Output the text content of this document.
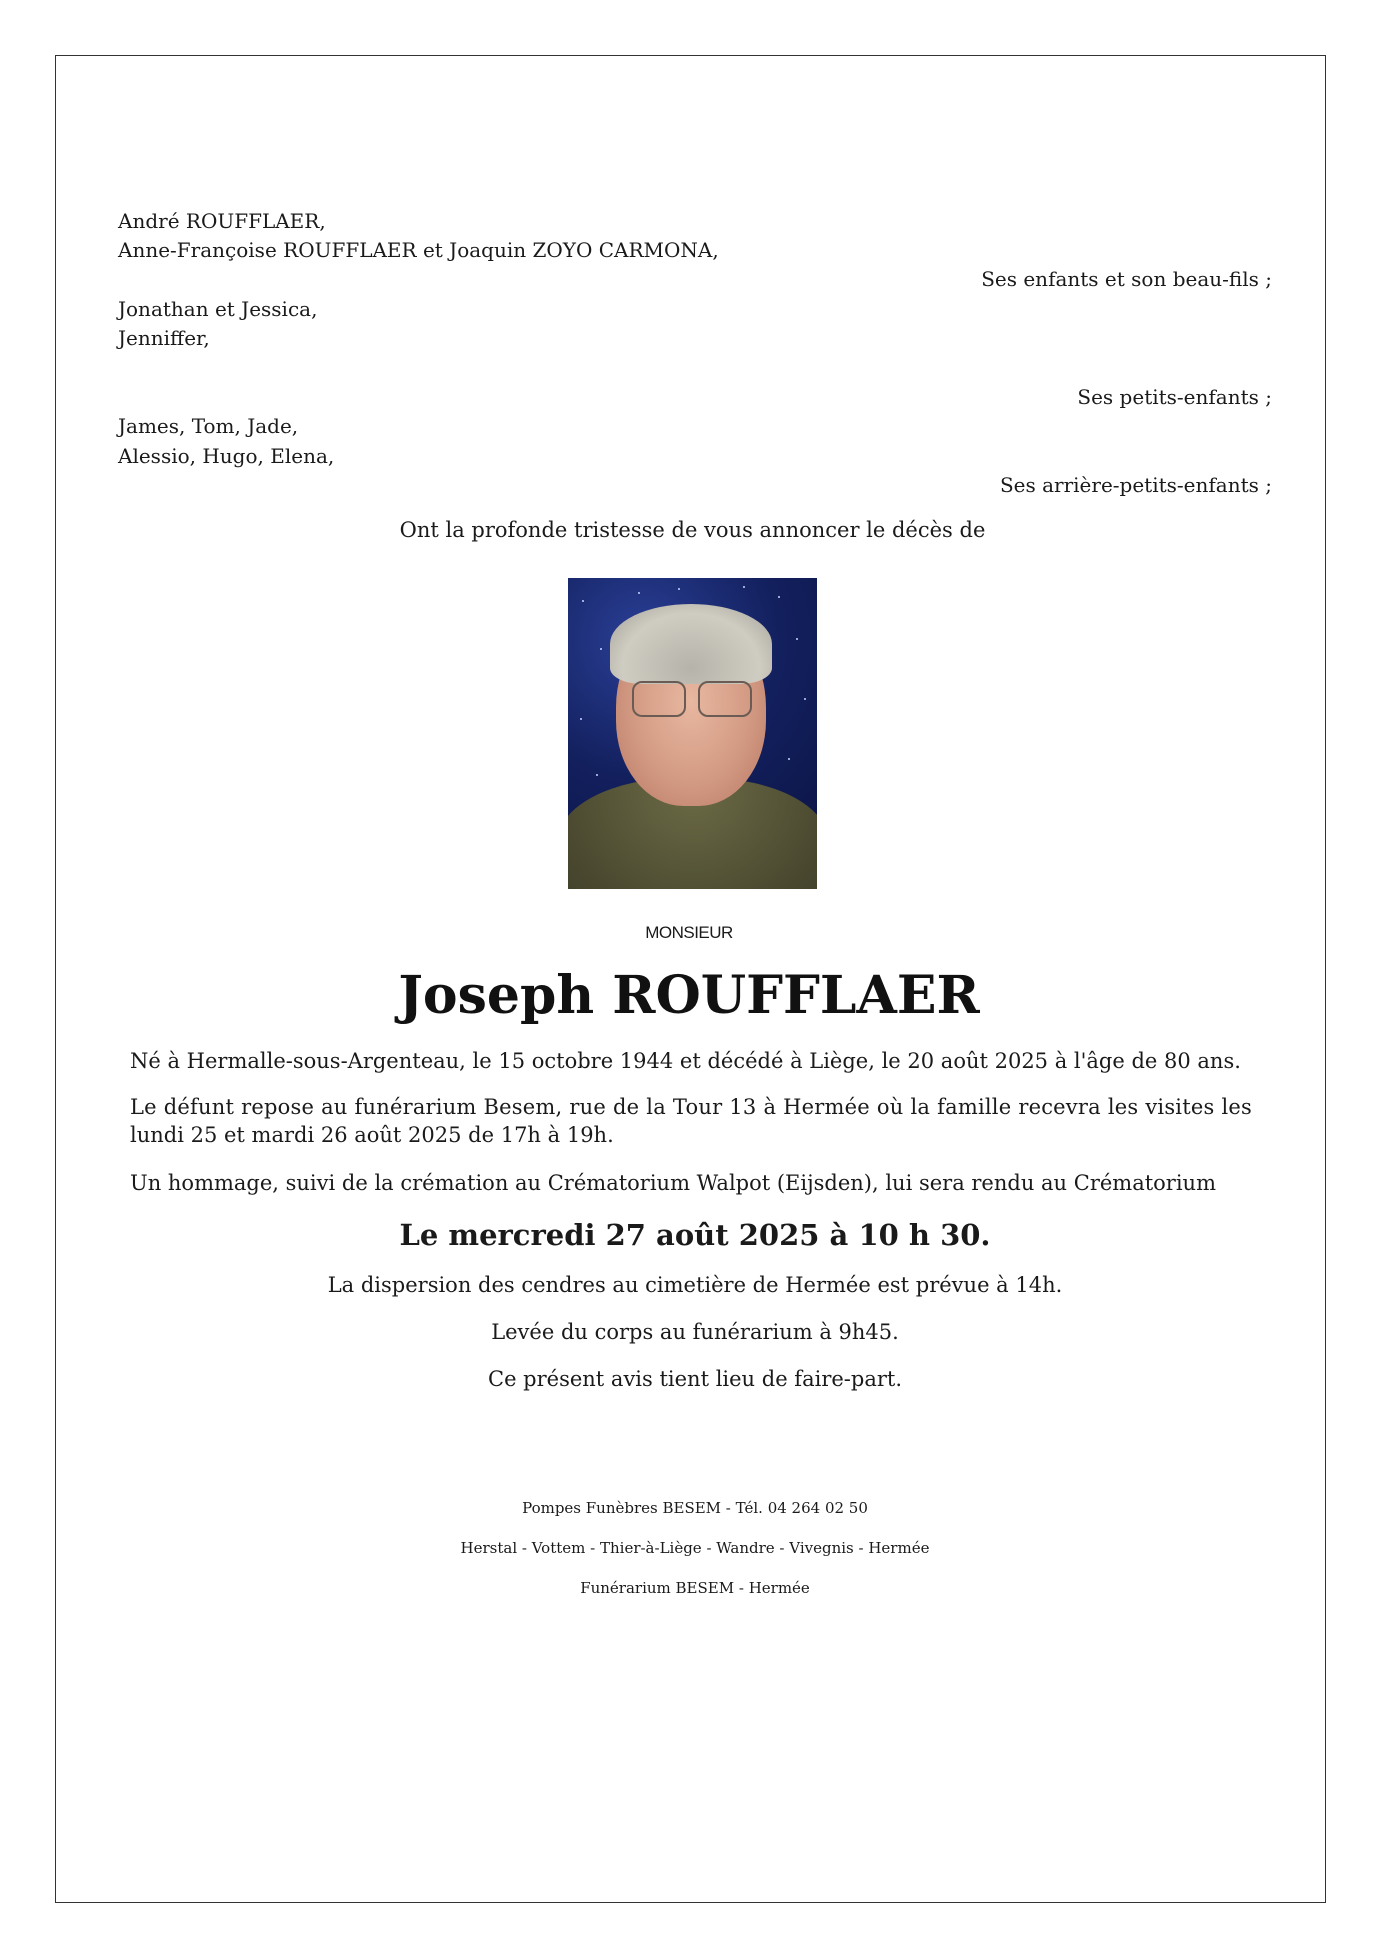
André ROUFFLAER,
Anne-Françoise ROUFFLAER et Joaquin ZOYO CARMONA,
Ses enfants et son beau-fils ;
Jonathan et Jessica,
Jenniffer,
Ses petits-enfants ;
James, Tom, Jade,
Alessio, Hugo, Elena,
Ses arrière-petits-enfants ;
Ont la profonde tristesse de vous annoncer le décès de
MONSIEUR
Joseph ROUFFLAER
Né à Hermalle-sous-Argenteau, le 15 octobre 1944 et décédé à Liège, le 20 août 2025 à l'âge de 80 ans.
Le défunt repose au funérarium Besem, rue de la Tour 13 à Hermée où la famille recevra les visites les
lundi 25 et mardi 26 août 2025 de 17h à 19h.
Un hommage, suivi de la crémation au Crématorium Walpot (Eijsden), lui sera rendu au Crématorium
Le mercredi 27 août 2025 à 10 h 30.
La dispersion des cendres au cimetière de Hermée est prévue à 14h.
Levée du corps au funérarium à 9h45.
Ce présent avis tient lieu de faire-part.
Pompes Funèbres BESEM - Tél. 04 264 02 50
Herstal - Vottem - Thier-à-Liège - Wandre - Vivegnis - Hermée
Funérarium BESEM - Hermée
